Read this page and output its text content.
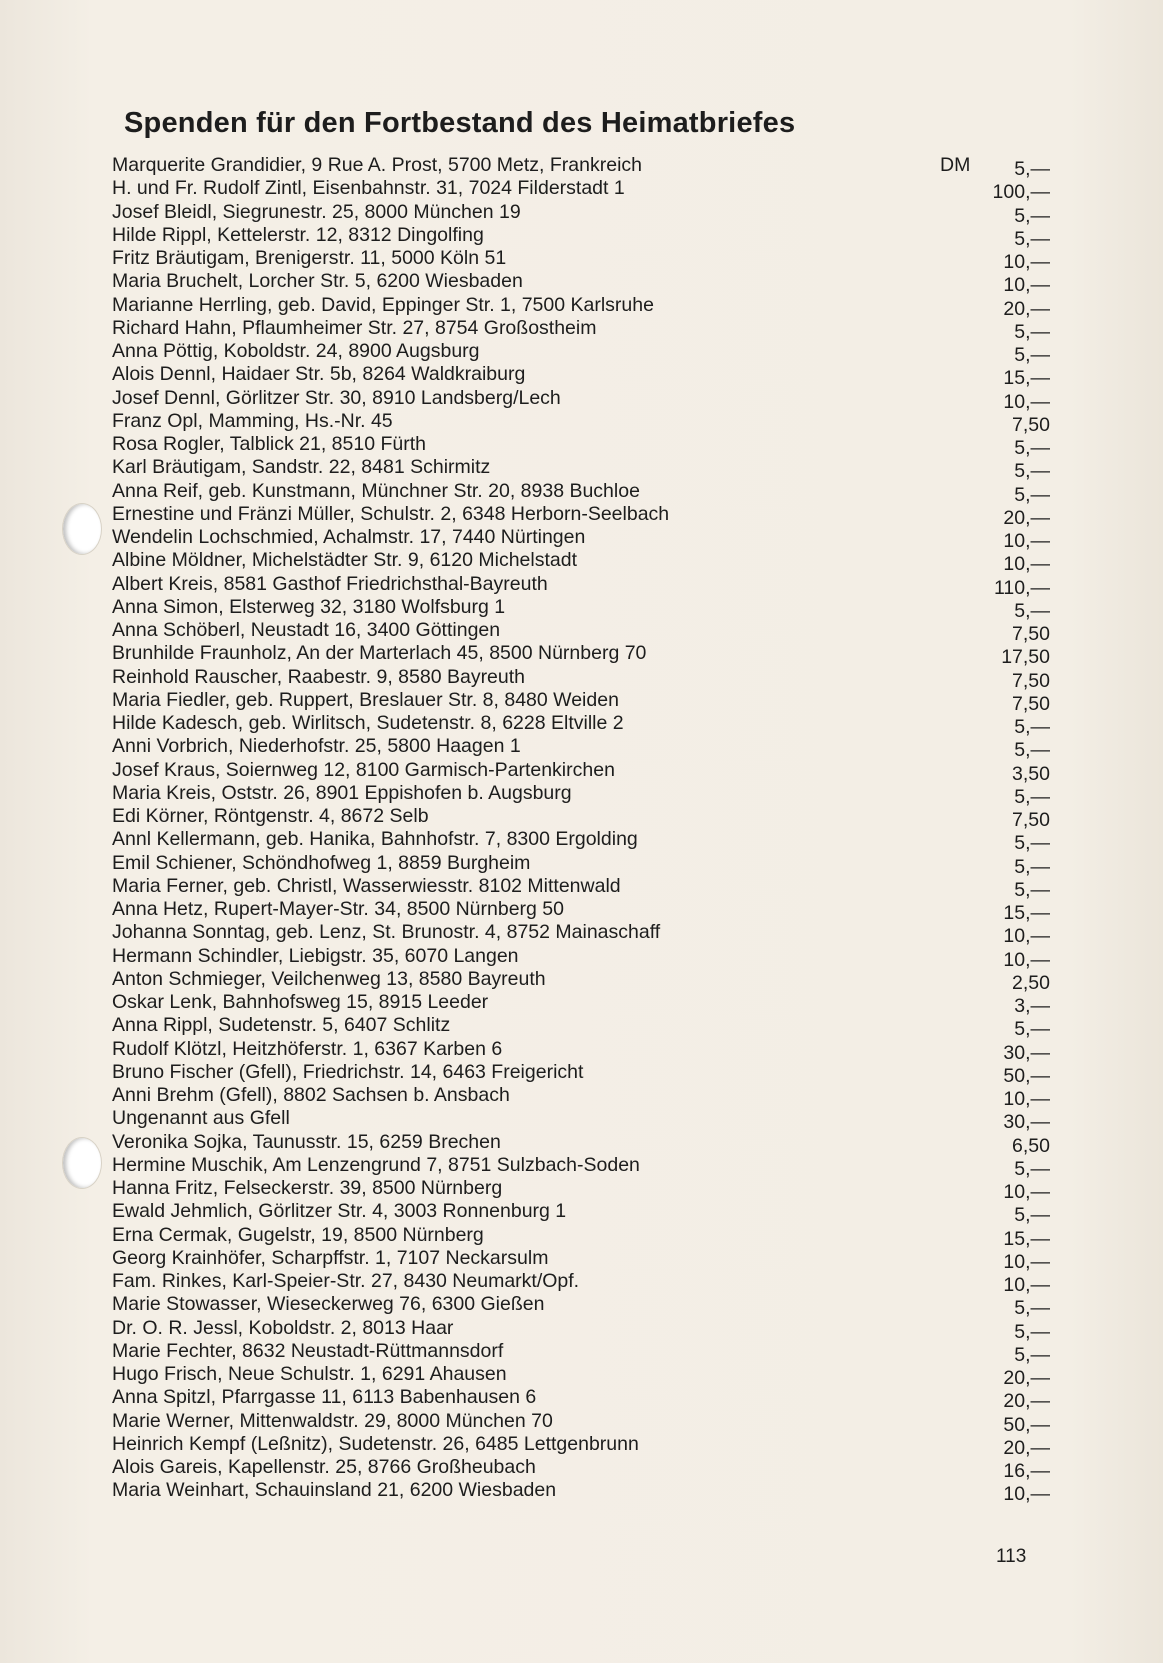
Spenden für den Fortbestand des Heimatbriefes
Marquerite Grandidier, 9 Rue A. Prost, 5700 Metz, Frankreich	DM 5,—
H. und Fr. Rudolf Zintl, Eisenbahnstr. 31, 7024 Filderstadt 1	100,—
Josef Bleidl, Siegrunestr. 25, 8000 München 19	5,—
Hilde Rippl, Kettelerstr. 12, 8312 Dingolfing	5,—
Fritz Bräutigam, Brenigerstr. 11, 5000 Köln 51	10,—
Maria Bruchelt, Lorcher Str. 5, 6200 Wiesbaden	10,—
Marianne Herrling, geb. David, Eppinger Str. 1, 7500 Karlsruhe	20,—
Richard Hahn, Pflaumheimer Str. 27, 8754 Großostheim	5,—
Anna Pöttig, Koboldstr. 24, 8900 Augsburg	5,—
Alois Dennl, Haidaer Str. 5b, 8264 Waldkraiburg	15,—
Josef Dennl, Görlitzer Str. 30, 8910 Landsberg/Lech	10,—
Franz Opl, Mamming, Hs.-Nr. 45	7,50
Rosa Rogler, Talblick 21, 8510 Fürth	5,—
Karl Bräutigam, Sandstr. 22, 8481 Schirmitz	5,—
Anna Reif, geb. Kunstmann, Münchner Str. 20, 8938 Buchloe	5,—
Ernestine und Fränzi Müller, Schulstr. 2, 6348 Herborn-Seelbach	20,—
Wendelin Lochschmied, Achalmstr. 17, 7440 Nürtingen	10,—
Albine Möldner, Michelstädter Str. 9, 6120 Michelstadt	10,—
Albert Kreis, 8581 Gasthof Friedrichsthal-Bayreuth	110,—
Anna Simon, Elsterweg 32, 3180 Wolfsburg 1	5,—
Anna Schöberl, Neustadt 16, 3400 Göttingen	7,50
Brunhilde Fraunholz, An der Marterlach 45, 8500 Nürnberg 70	17,50
Reinhold Rauscher, Raabestr. 9, 8580 Bayreuth	7,50
Maria Fiedler, geb. Ruppert, Breslauer Str. 8, 8480 Weiden	7,50
Hilde Kadesch, geb. Wirlitsch, Sudetenstr. 8, 6228 Eltville 2	5,—
Anni Vorbrich, Niederhofstr. 25, 5800 Haagen 1	5,—
Josef Kraus, Soiernweg 12, 8100 Garmisch-Partenkirchen	3,50
Maria Kreis, Oststr. 26, 8901 Eppishofen b. Augsburg	5,—
Edi Körner, Röntgenstr. 4, 8672 Selb	7,50
Annl Kellermann, geb. Hanika, Bahnhofstr. 7, 8300 Ergolding	5,—
Emil Schiener, Schöndhofweg 1, 8859 Burgheim	5,—
Maria Ferner, geb. Christl, Wasserwiesstr. 8102 Mittenwald	5,—
Anna Hetz, Rupert-Mayer-Str. 34, 8500 Nürnberg 50	15,—
Johanna Sonntag, geb. Lenz, St. Brunostr. 4, 8752 Mainaschaff	10,—
Hermann Schindler, Liebigstr. 35, 6070 Langen	10,—
Anton Schmieger, Veilchenweg 13, 8580 Bayreuth	2,50
Oskar Lenk, Bahnhofsweg 15, 8915 Leeder	3,—
Anna Rippl, Sudetenstr. 5, 6407 Schlitz	5,—
Rudolf Klötzl, Heitzhöferstr. 1, 6367 Karben 6	30,—
Bruno Fischer (Gfell), Friedrichstr. 14, 6463 Freigericht	50,—
Anni Brehm (Gfell), 8802 Sachsen b. Ansbach	10,—
Ungenannt aus Gfell	30,—
Veronika Sojka, Taunusstr. 15, 6259 Brechen	6,50
Hermine Muschik, Am Lenzengrund 7, 8751 Sulzbach-Soden	5,—
Hanna Fritz, Felseckerstr. 39, 8500 Nürnberg	10,—
Ewald Jehmlich, Görlitzer Str. 4, 3003 Ronnenburg 1	5,—
Erna Cermak, Gugelstr, 19, 8500 Nürnberg	15,—
Georg Krainhöfer, Scharpffstr. 1, 7107 Neckarsulm	10,—
Fam. Rinkes, Karl-Speier-Str. 27, 8430 Neumarkt/Opf.	10,—
Marie Stowasser, Wieseckerweg 76, 6300 Gießen	5,—
Dr. O. R. Jessl, Koboldstr. 2, 8013 Haar	5,—
Marie Fechter, 8632 Neustadt-Rüttmannsdorf	5,—
Hugo Frisch, Neue Schulstr. 1, 6291 Ahausen	20,—
Anna Spitzl, Pfarrgasse 11, 6113 Babenhausen 6	20,—
Marie Werner, Mittenwaldstr. 29, 8000 München 70	50,—
Heinrich Kempf (Leßnitz), Sudetenstr. 26, 6485 Lettgenbrunn	20,—
Alois Gareis, Kapellenstr. 25, 8766 Großheubach	16,—
Maria Weinhart, Schauinsland 21, 6200 Wiesbaden	10,—
113
